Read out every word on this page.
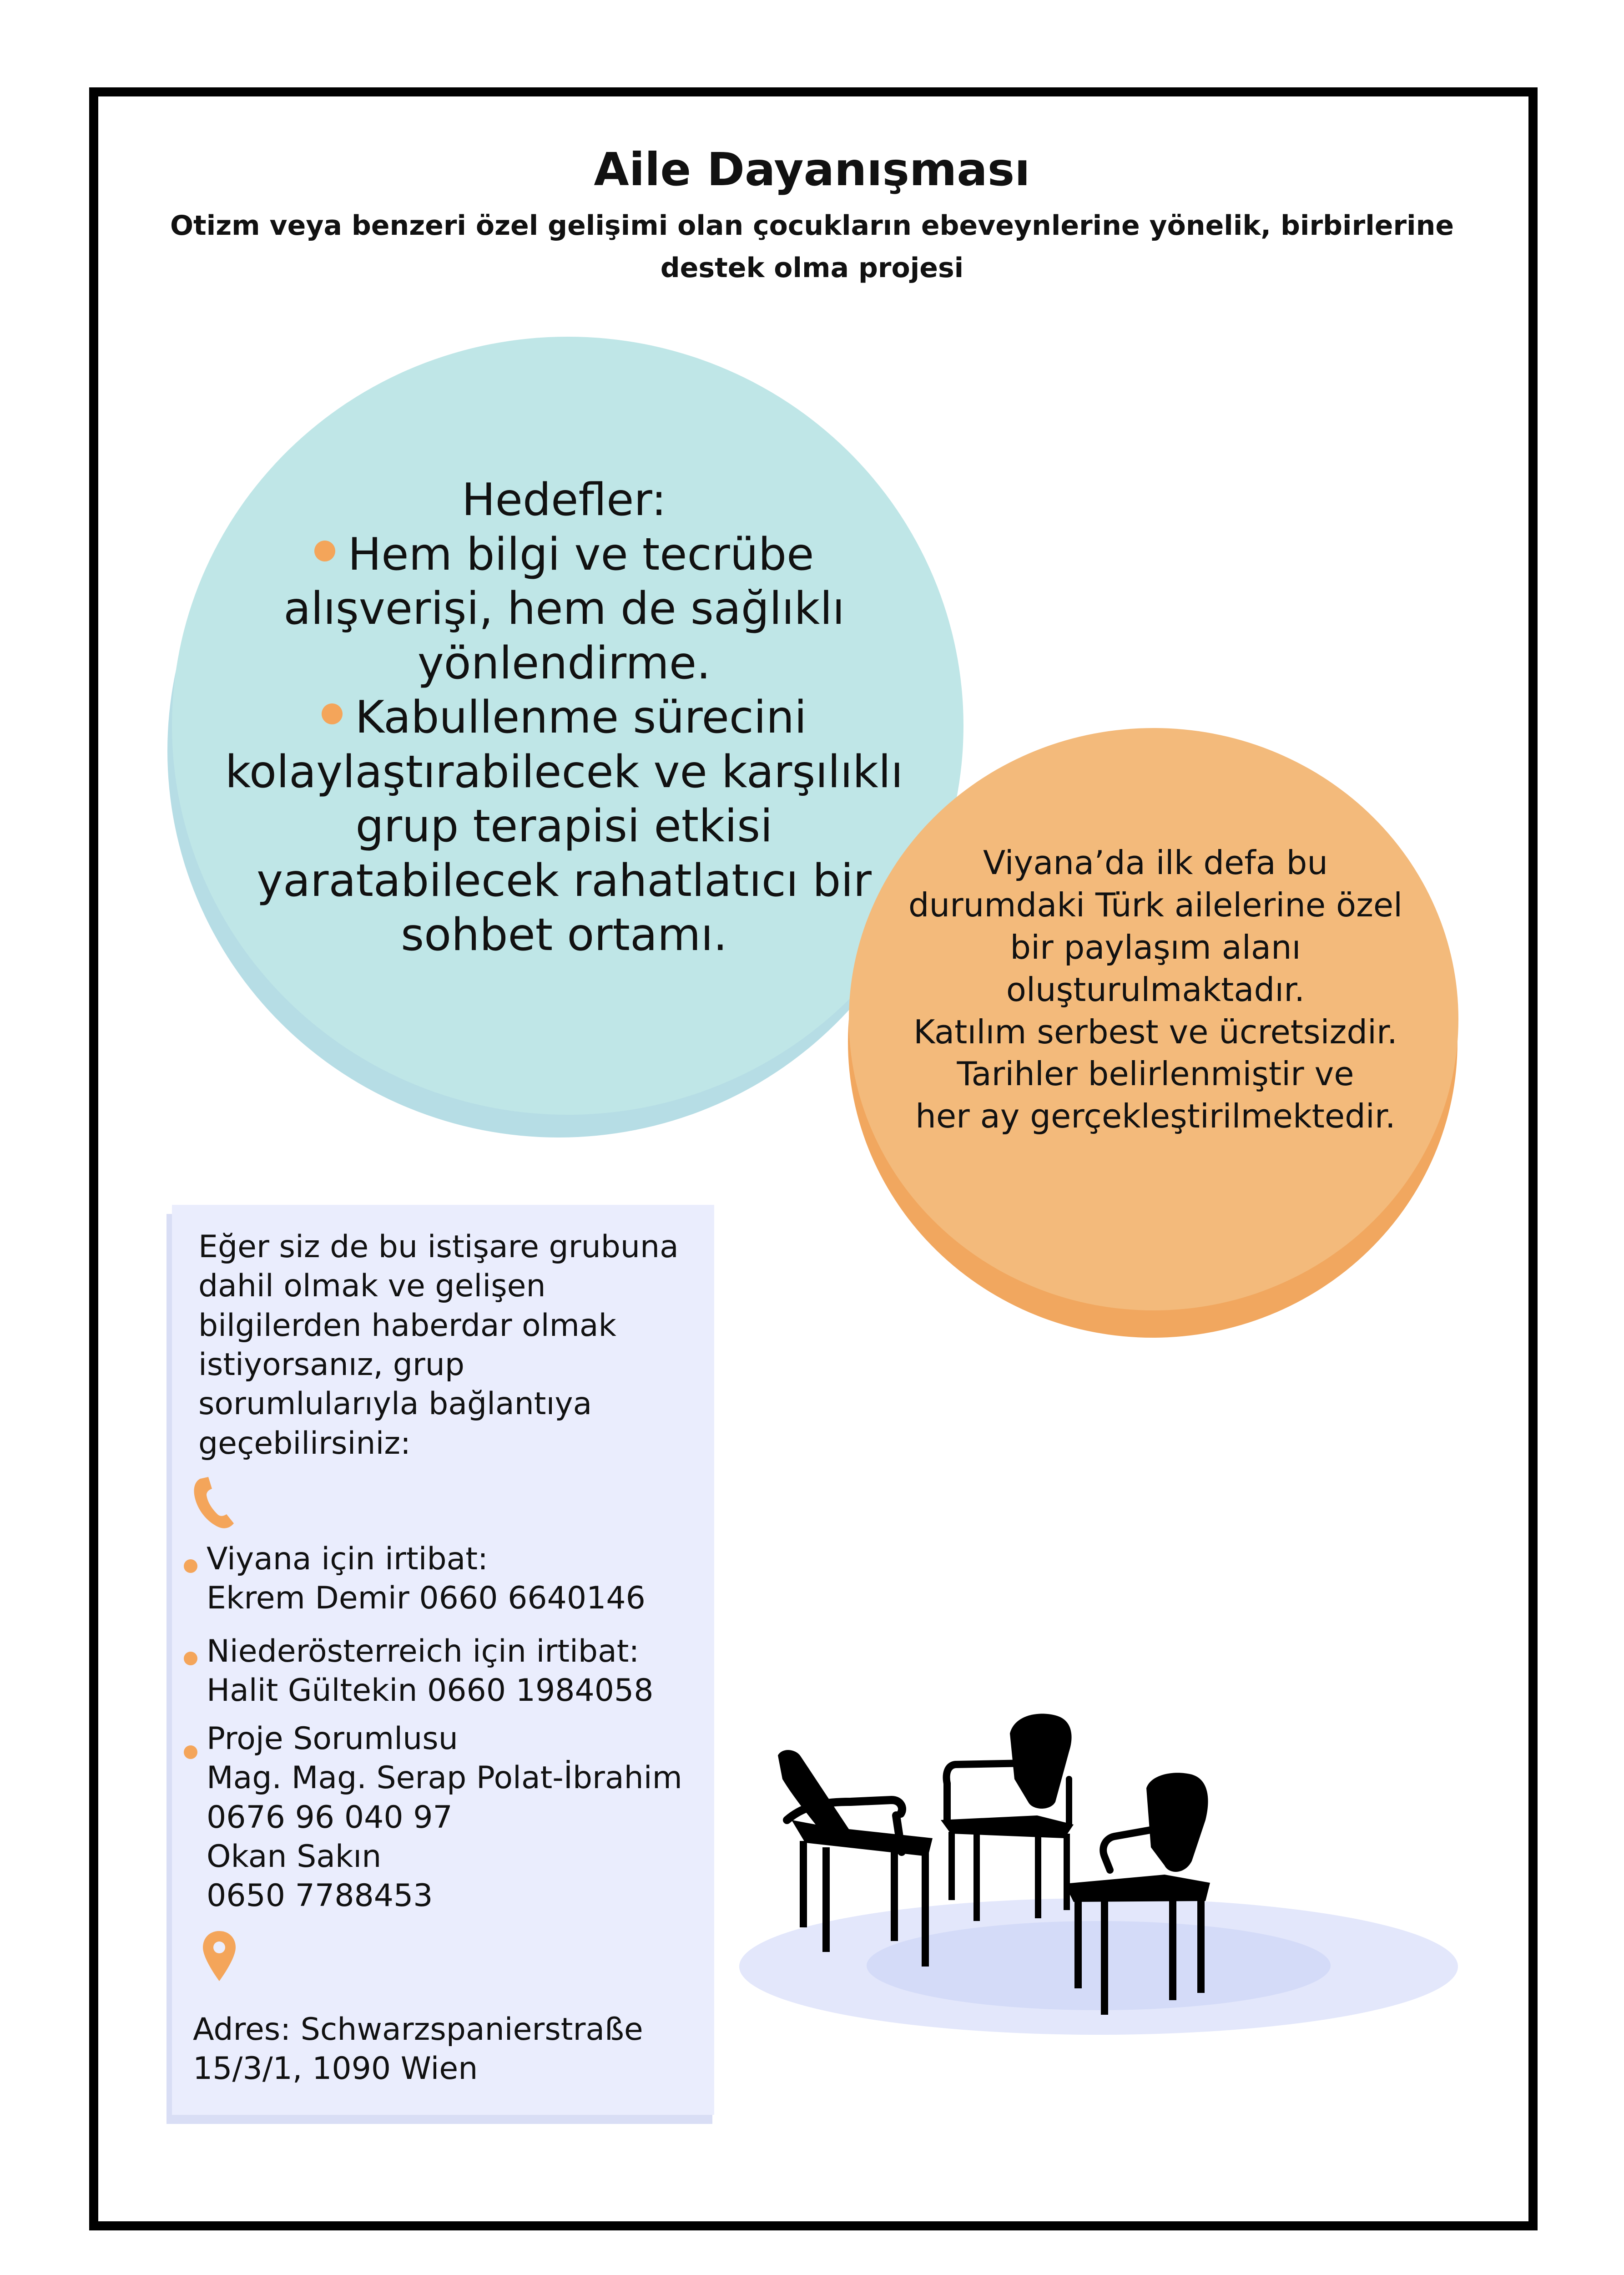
Aile Dayanışması
Otizm veya benzeri özel gelişimi olan çocukların ebeveynlerine yönelik, birbirlerine
destek olma projesi
Hedefler:
Hem bilgi ve tecrübe
alışverişi, hem de sağlıklı
yönlendirme.
Kabullenme sürecini
kolaylaştırabilecek ve karşılıklı
grup terapisi etkisi
yaratabilecek rahatlatıcı bir
sohbet ortamı.
Viyana’da ilk defa bu
durumdaki Türk ailelerine özel
bir paylaşım alanı
oluşturulmaktadır.
Katılım serbest ve ücretsizdir.
Tarihler belirlenmiştir ve
her ay gerçekleştirilmektedir.
Eğer siz de bu istişare grubuna
dahil olmak ve gelişen
bilgilerden haberdar olmak
istiyorsanız, grup
sorumlularıyla bağlantıya
geçebilirsiniz:
Viyana için irtibat:
Ekrem Demir 0660 6640146
Niederösterreich için irtibat:
Halit Gültekin 0660 1984058
Proje Sorumlusu
Mag. Mag. Serap Polat-İbrahim
0676 96 040 97
Okan Sakın
0650 7788453
Adres: Schwarzspanierstraße
15/3/1, 1090 Wien
